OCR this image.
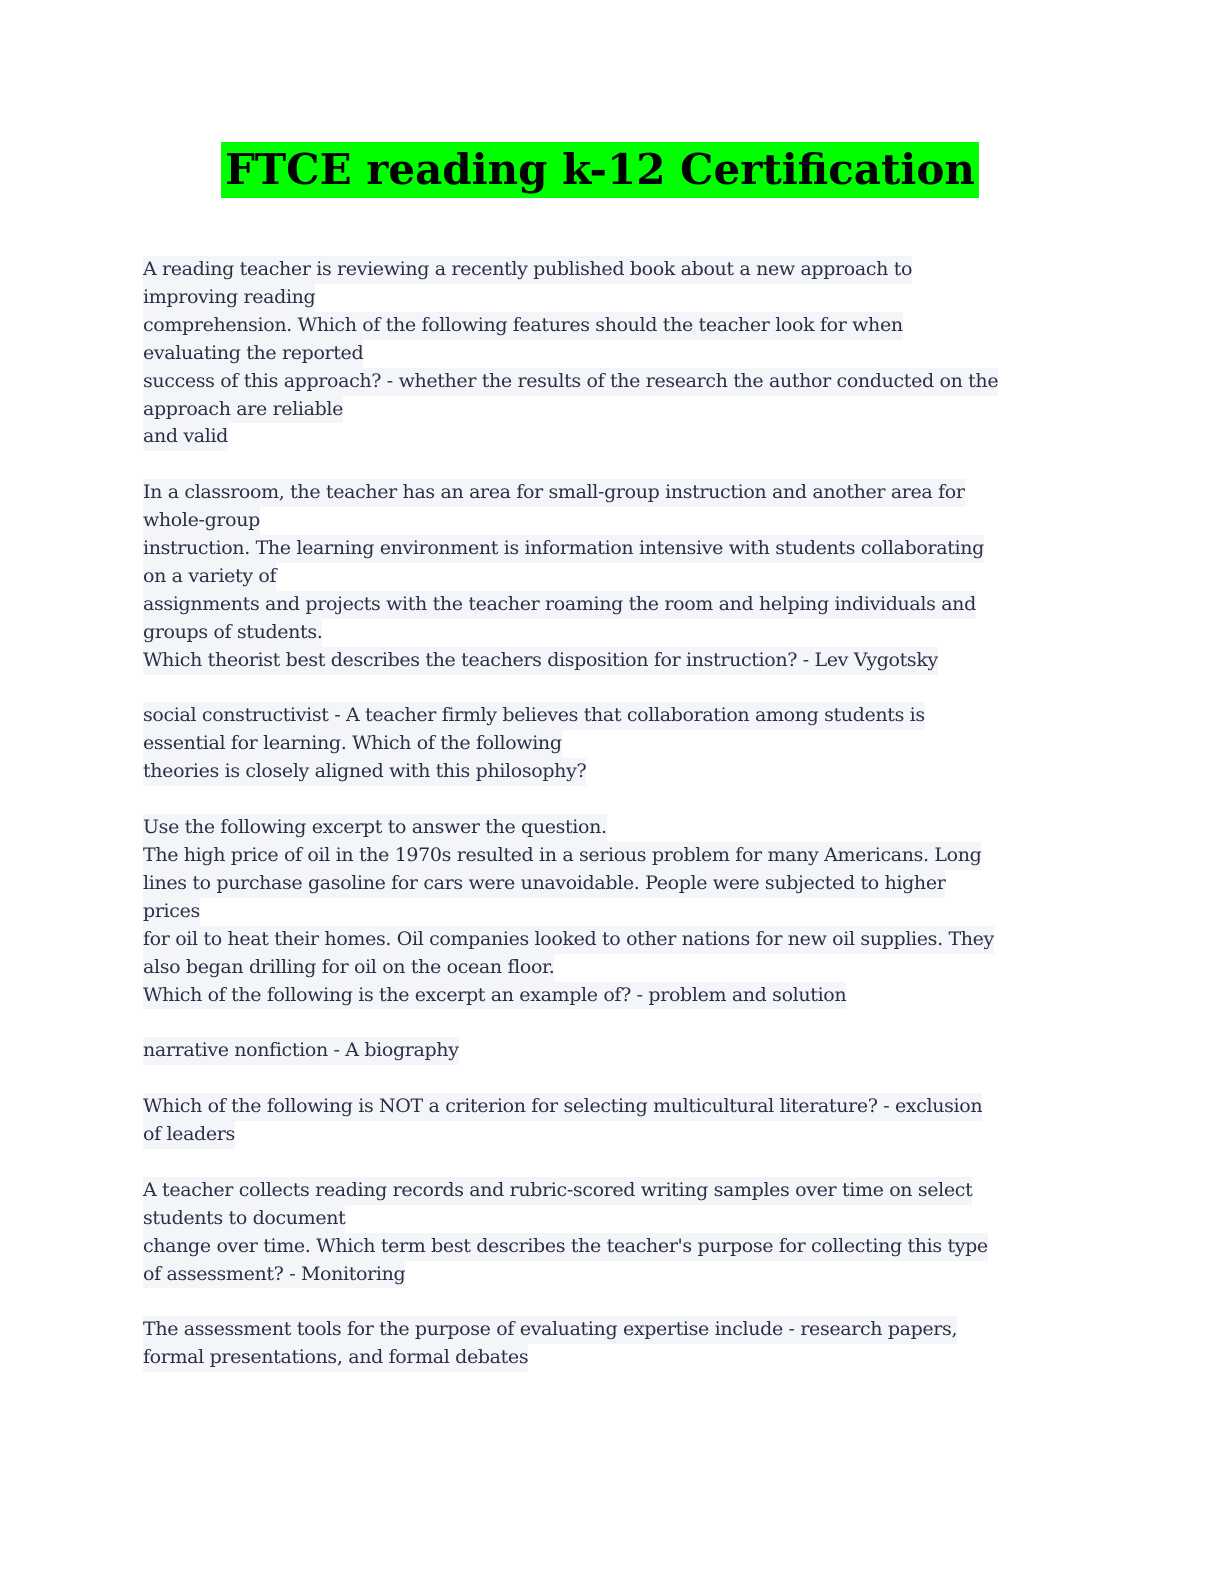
FTCE reading k-12 Certification
A reading teacher is reviewing a recently published book about a new approach to
improving reading
comprehension. Which of the following features should the teacher look for when
evaluating the reported
success of this approach? - whether the results of the research the author conducted on the
approach are reliable
and valid
In a classroom, the teacher has an area for small-group instruction and another area for
whole-group
instruction. The learning environment is information intensive with students collaborating
on a variety of
assignments and projects with the teacher roaming the room and helping individuals and
groups of students.
Which theorist best describes the teachers disposition for instruction? - Lev Vygotsky
social constructivist - A teacher firmly believes that collaboration among students is
essential for learning. Which of the following
theories is closely aligned with this philosophy?
Use the following excerpt to answer the question.
The high price of oil in the 1970s resulted in a serious problem for many Americans. Long
lines to purchase gasoline for cars were unavoidable. People were subjected to higher
prices
for oil to heat their homes. Oil companies looked to other nations for new oil supplies. They
also began drilling for oil on the ocean floor.
Which of the following is the excerpt an example of? - problem and solution
narrative nonfiction - A biography
Which of the following is NOT a criterion for selecting multicultural literature? - exclusion
of leaders
A teacher collects reading records and rubric-scored writing samples over time on select
students to document
change over time. Which term best describes the teacher's purpose for collecting this type
of assessment? - Monitoring
The assessment tools for the purpose of evaluating expertise include - research papers,
formal presentations, and formal debates
